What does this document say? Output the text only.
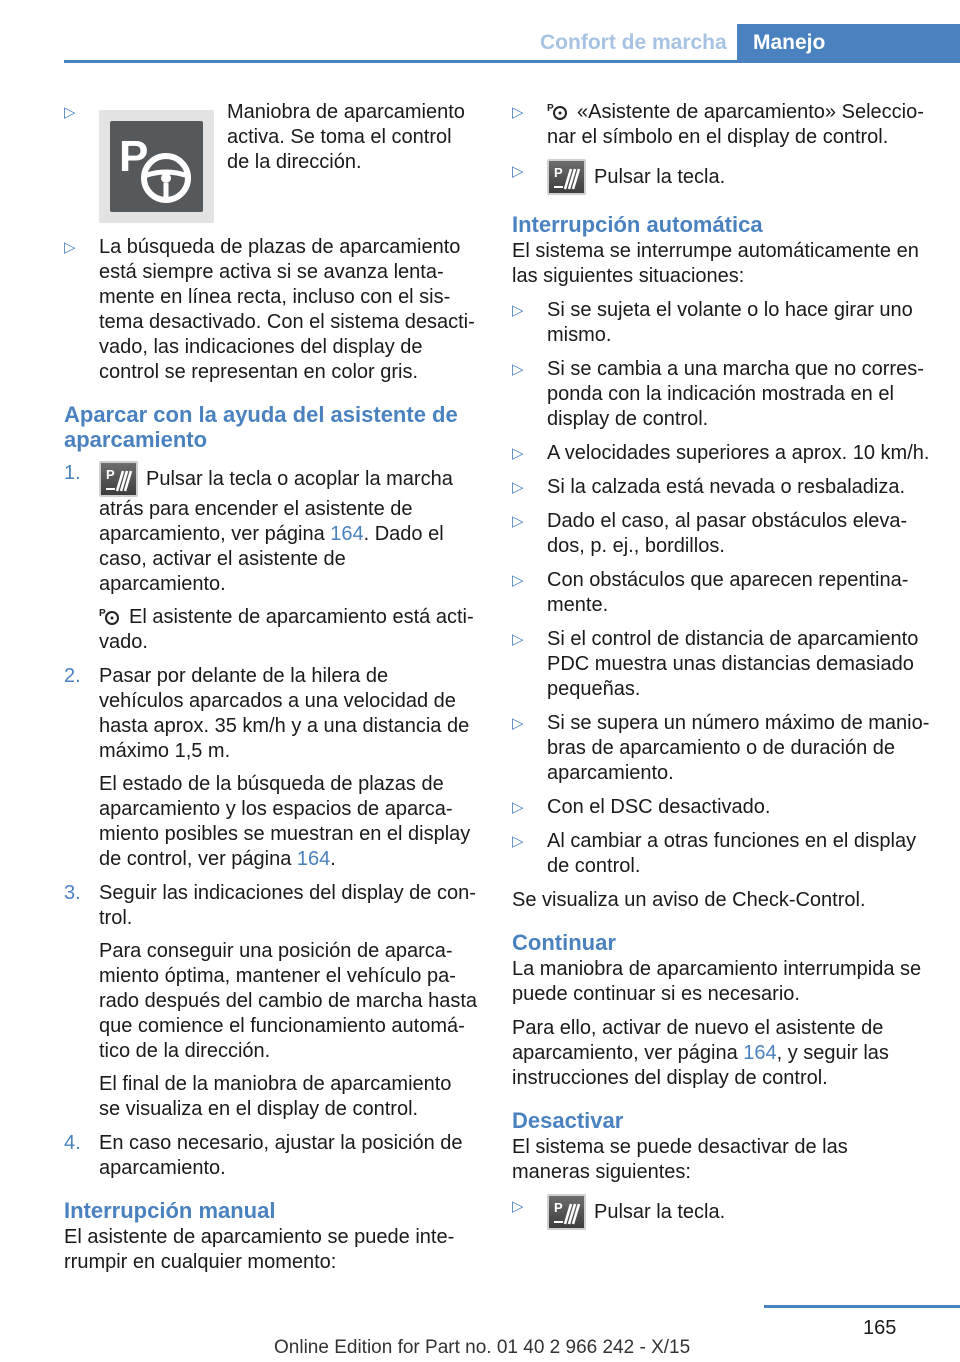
Confort de marcha	Manejo
▷
P
Maniobra de aparcamiento activa. Se toma el control de la dirección.
▷ La búsqueda de plazas de aparcamiento está siempre activa si se avanza lentamente en línea recta, incluso con el sistema desactivado. Con el sistema desactivado, las indicaciones del display de control se representan en color gris.
Aparcar con la ayuda del asistente de aparcamiento
1. P Pulsar la tecla o acoplar la marcha atrás para encender el asistente de aparcamiento, ver página 164. Dado el caso, activar el asistente de aparcamiento.

P El asistente de aparcamiento está activado.

2. Pasar por delante de la hilera de vehículos aparcados a una velocidad de hasta aprox. 35 km/h y a una distancia de máximo 1,5 m.

El estado de la búsqueda de plazas de aparcamiento y los espacios de aparcamiento posibles se muestran en el display de control, ver página 164.

3. Seguir las indicaciones del display de control.

Para conseguir una posición de aparcamiento óptima, mantener el vehículo parado después del cambio de marcha hasta que comience el funcionamiento automático de la dirección.

El final de la maniobra de aparcamiento se visualiza en el display de control.

4. En caso necesario, ajustar la posición de aparcamiento.

Interrupción manual
El asistente de aparcamiento se puede interrumpir en cualquier momento:
▷ P «Asistente de aparcamiento» Seleccionar el símbolo en el display de control.
▷ P Pulsar la tecla.
Interrupción automática
El sistema se interrumpe automáticamente en las siguientes situaciones:
▷ Si se sujeta el volante o lo hace girar uno mismo.
▷ Si se cambia a una marcha que no corresponda con la indicación mostrada en el display de control.
▷ A velocidades superiores a aprox. 10 km/h.
▷ Si la calzada está nevada o resbaladiza.
▷ Dado el caso, al pasar obstáculos elevados, p. ej., bordillos.
▷ Con obstáculos que aparecen repentinamente.
▷ Si el control de distancia de aparcamiento PDC muestra unas distancias demasiado pequeñas.
▷ Si se supera un número máximo de maniobras de aparcamiento o de duración de aparcamiento.
▷ Con el DSC desactivado.
▷ Al cambiar a otras funciones en el display de control.
Se visualiza un aviso de Check-Control.
Continuar
La maniobra de aparcamiento interrumpida se puede continuar si es necesario.
Para ello, activar de nuevo el asistente de aparcamiento, ver página 164, y seguir las instrucciones del display de control.
Desactivar
El sistema se puede desactivar de las maneras siguientes:
▷ P Pulsar la tecla.
165
Online Edition for Part no. 01 40 2 966 242 - X/15
